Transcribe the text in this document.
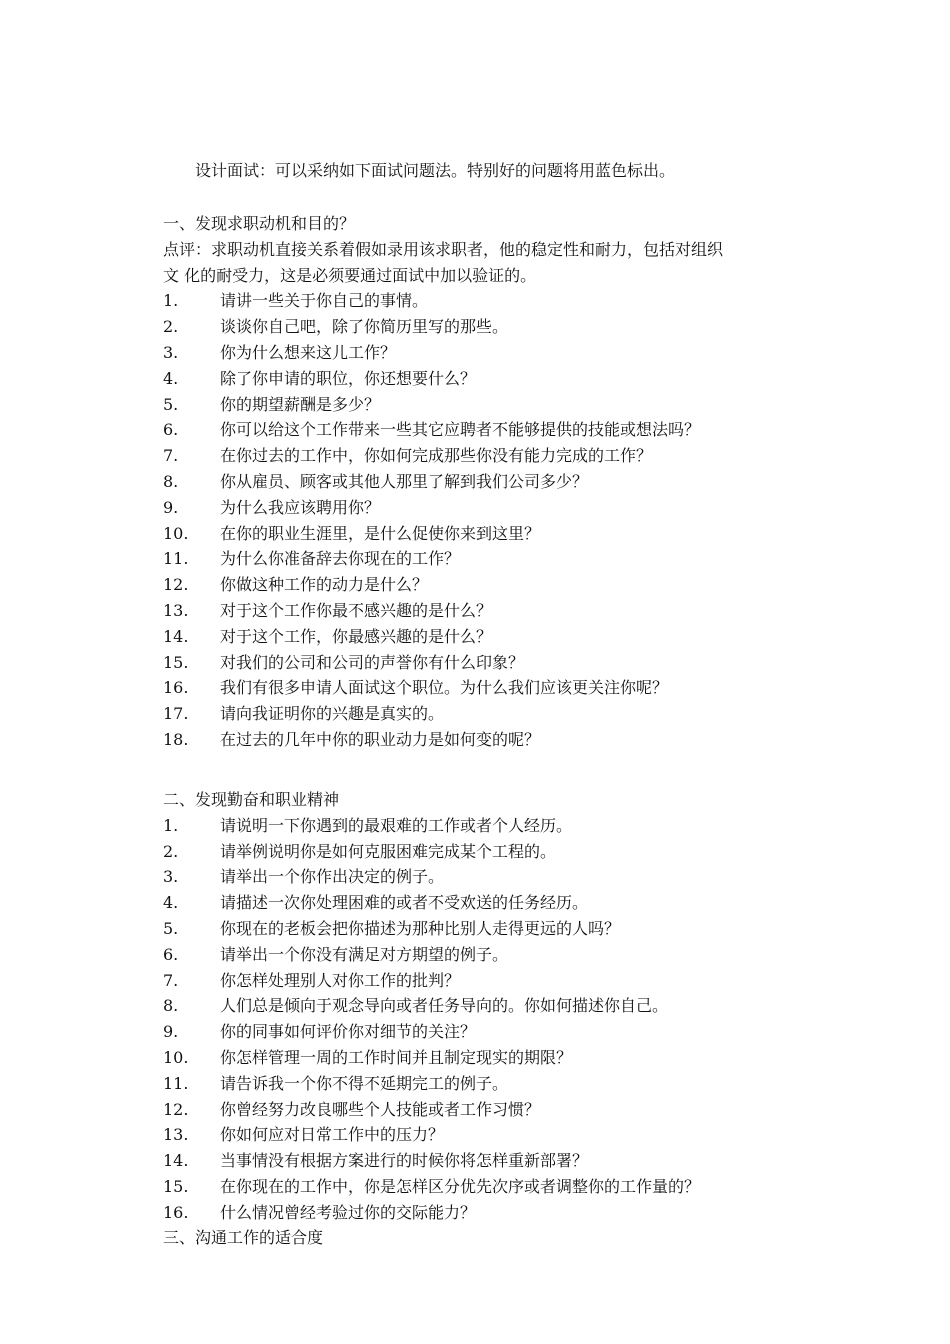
设计面试：可以采纳如下面试问题法。特别好的问题将用蓝色标出。
一、发现求职动机和目的？
点评：求职动机直接关系着假如录用该求职者，他的稳定性和耐力，包括对组织
文 化的耐受力，这是必须要通过面试中加以验证的。
1.	请讲一些关于你自己的事情。
2.	谈谈你自己吧，除了你简历里写的那些。
3.	你为什么想来这儿工作？
4.	除了你申请的职位，你还想要什么？
5.	你的期望薪酬是多少？
6.	你可以给这个工作带来一些其它应聘者不能够提供的技能或想法吗？
7.	在你过去的工作中，你如何完成那些你没有能力完成的工作？
8.	你从雇员、顾客或其他人那里了解到我们公司多少？
9.	为什么我应该聘用你？
10. 在你的职业生涯里，是什么促使你来到这里？
11. 为什么你准备辞去你现在的工作？
12. 你做这种工作的动力是什么？
13. 对于这个工作你最不感兴趣的是什么？
14. 对于这个工作，你最感兴趣的是什么？
15. 对我们的公司和公司的声誉你有什么印象？
16. 我们有很多申请人面试这个职位。为什么我们应该更关注你呢？
17. 请向我证明你的兴趣是真实的。
18. 在过去的几年中你的职业动力是如何变的呢？
二、发现勤奋和职业精神
1.	请说明一下你遇到的最艰难的工作或者个人经历。
2.	请举例说明你是如何克服困难完成某个工程的。
3.	请举出一个你作出决定的例子。
4.	请描述一次你处理困难的或者不受欢送的任务经历。
5.	你现在的老板会把你描述为那种比别人走得更远的人吗？
6.	请举出一个你没有满足对方期望的例子。
7.	你怎样处理别人对你工作的批判？
8.	人们总是倾向于观念导向或者任务导向的。你如何描述你自己。
9.	你的同事如何评价你对细节的关注？
10. 你怎样管理一周的工作时间并且制定现实的期限？
11. 请告诉我一个你不得不延期完工的例子。
12. 你曾经努力改良哪些个人技能或者工作习惯？
13. 你如何应对日常工作中的压力？
14. 当事情没有根据方案进行的时候你将怎样重新部署？
15. 在你现在的工作中，你是怎样区分优先次序或者调整你的工作量的？
16. 什么情况曾经考验过你的交际能力？
三、沟通工作的适合度
